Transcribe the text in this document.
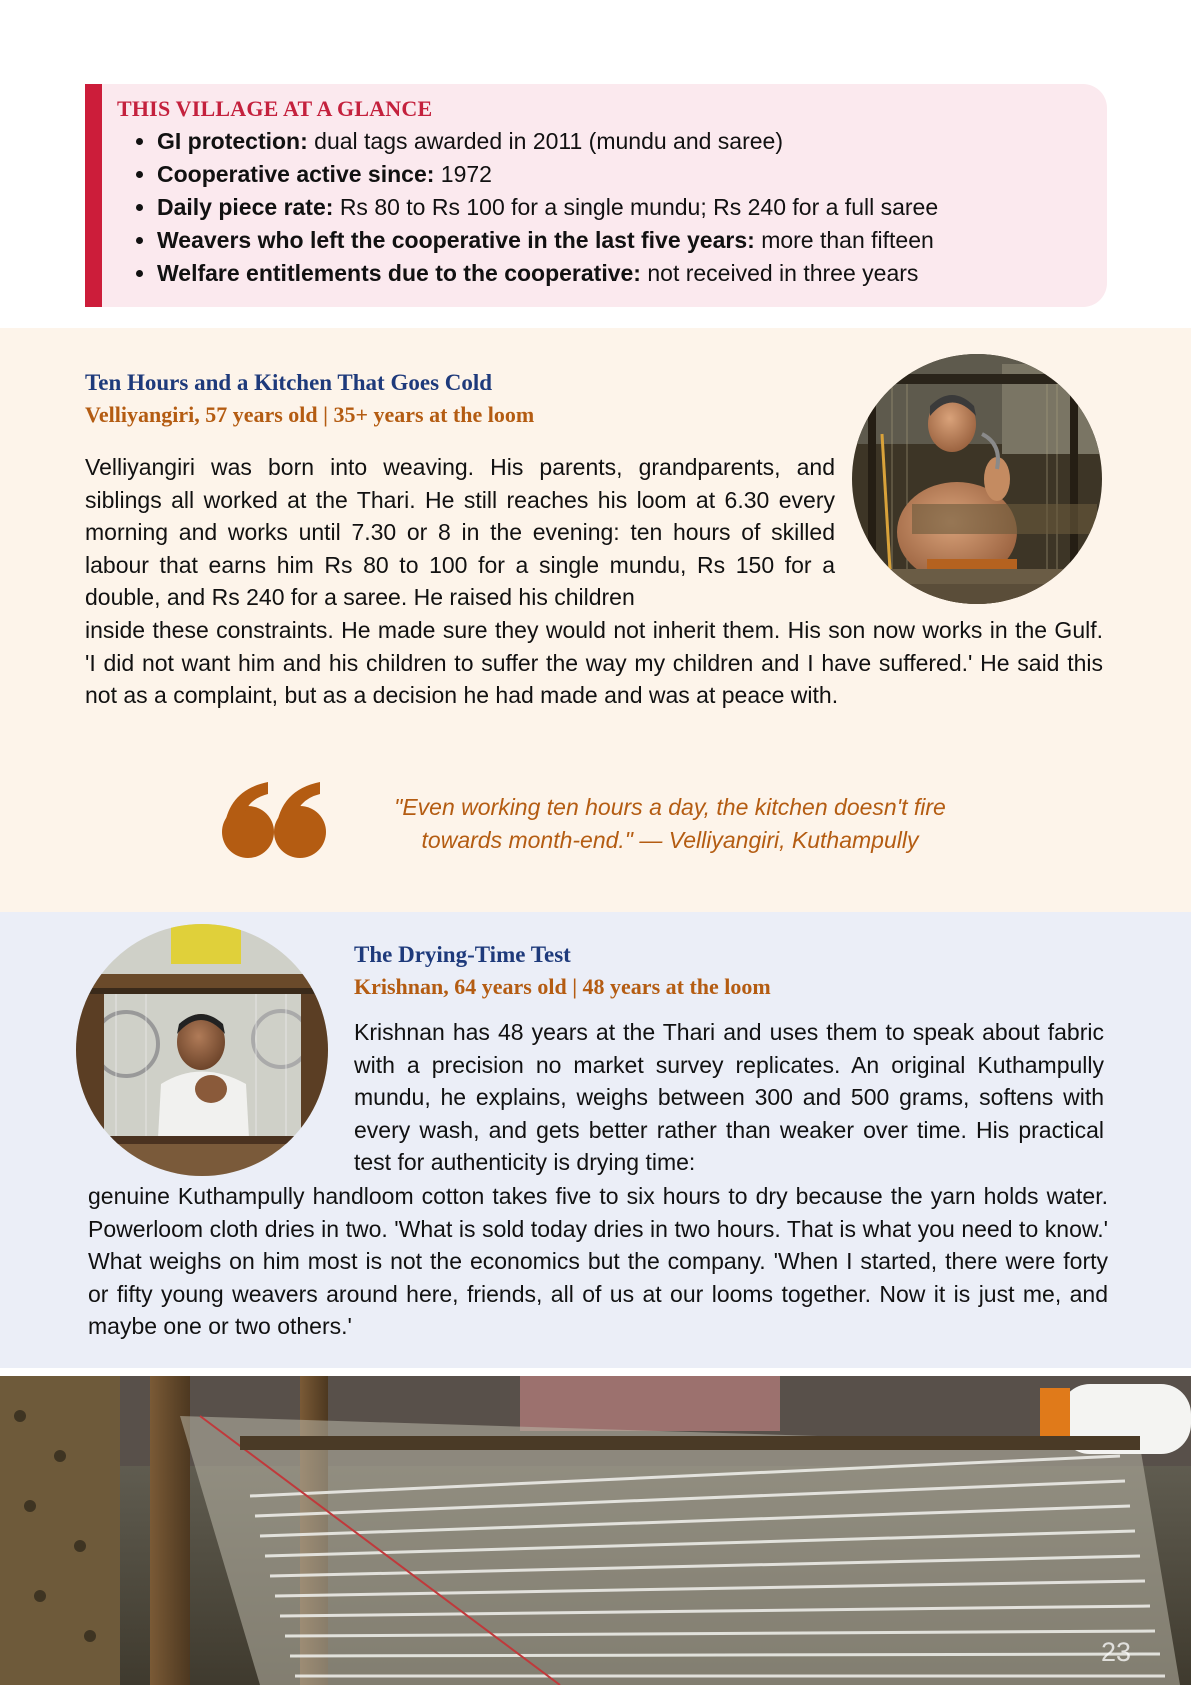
THIS VILLAGE AT A GLANCE
• GI protection: dual tags awarded in 2011 (mundu and saree)
• Cooperative active since: 1972
• Daily piece rate: Rs 80 to Rs 100 for a single mundu; Rs 240 for a full saree
• Weavers who left the cooperative in the last five years: more than fifteen
• Welfare entitlements due to the cooperative: not received in three years
Ten Hours and a Kitchen That Goes Cold
Velliyangiri, 57 years old | 35+ years at the loom

Velliyangiri was born into weaving. His parents, grandparents, and siblings all worked at the Thari. He still reaches his loom at 6.30 every morning and works until 7.30 or 8 in the evening: ten hours of skilled labour that earns him Rs 80 to 100 for a single mundu, Rs 150 for a double, and Rs 240 for a saree. He raised his children

inside these constraints. He made sure they would not inherit them. His son now works in the Gulf. 'I did not want him and his children to suffer the way my children and I have suffered.' He said this not as a complaint, but as a decision he had made and was at peace with.

"Even working ten hours a day, the kitchen doesn't fire
towards month-end." — Velliyangiri, Kuthampully

The Drying-Time Test
Krishnan, 64 years old | 48 years at the loom

Krishnan has 48 years at the Thari and uses them to speak about fabric with a precision no market survey replicates. An original Kuthampully mundu, he explains, weighs between 300 and 500 grams, softens with every wash, and gets better rather than weaker over time. His practical test for authenticity is drying time:

genuine Kuthampully handloom cotton takes five to six hours to dry because the yarn holds water. Powerloom cloth dries in two. 'What is sold today dries in two hours. That is what you need to know.' What weighs on him most is not the economics but the company. 'When I started, there were forty or fifty young weavers around here, friends, all of us at our looms together. Now it is just me, and maybe one or two others.'

23
